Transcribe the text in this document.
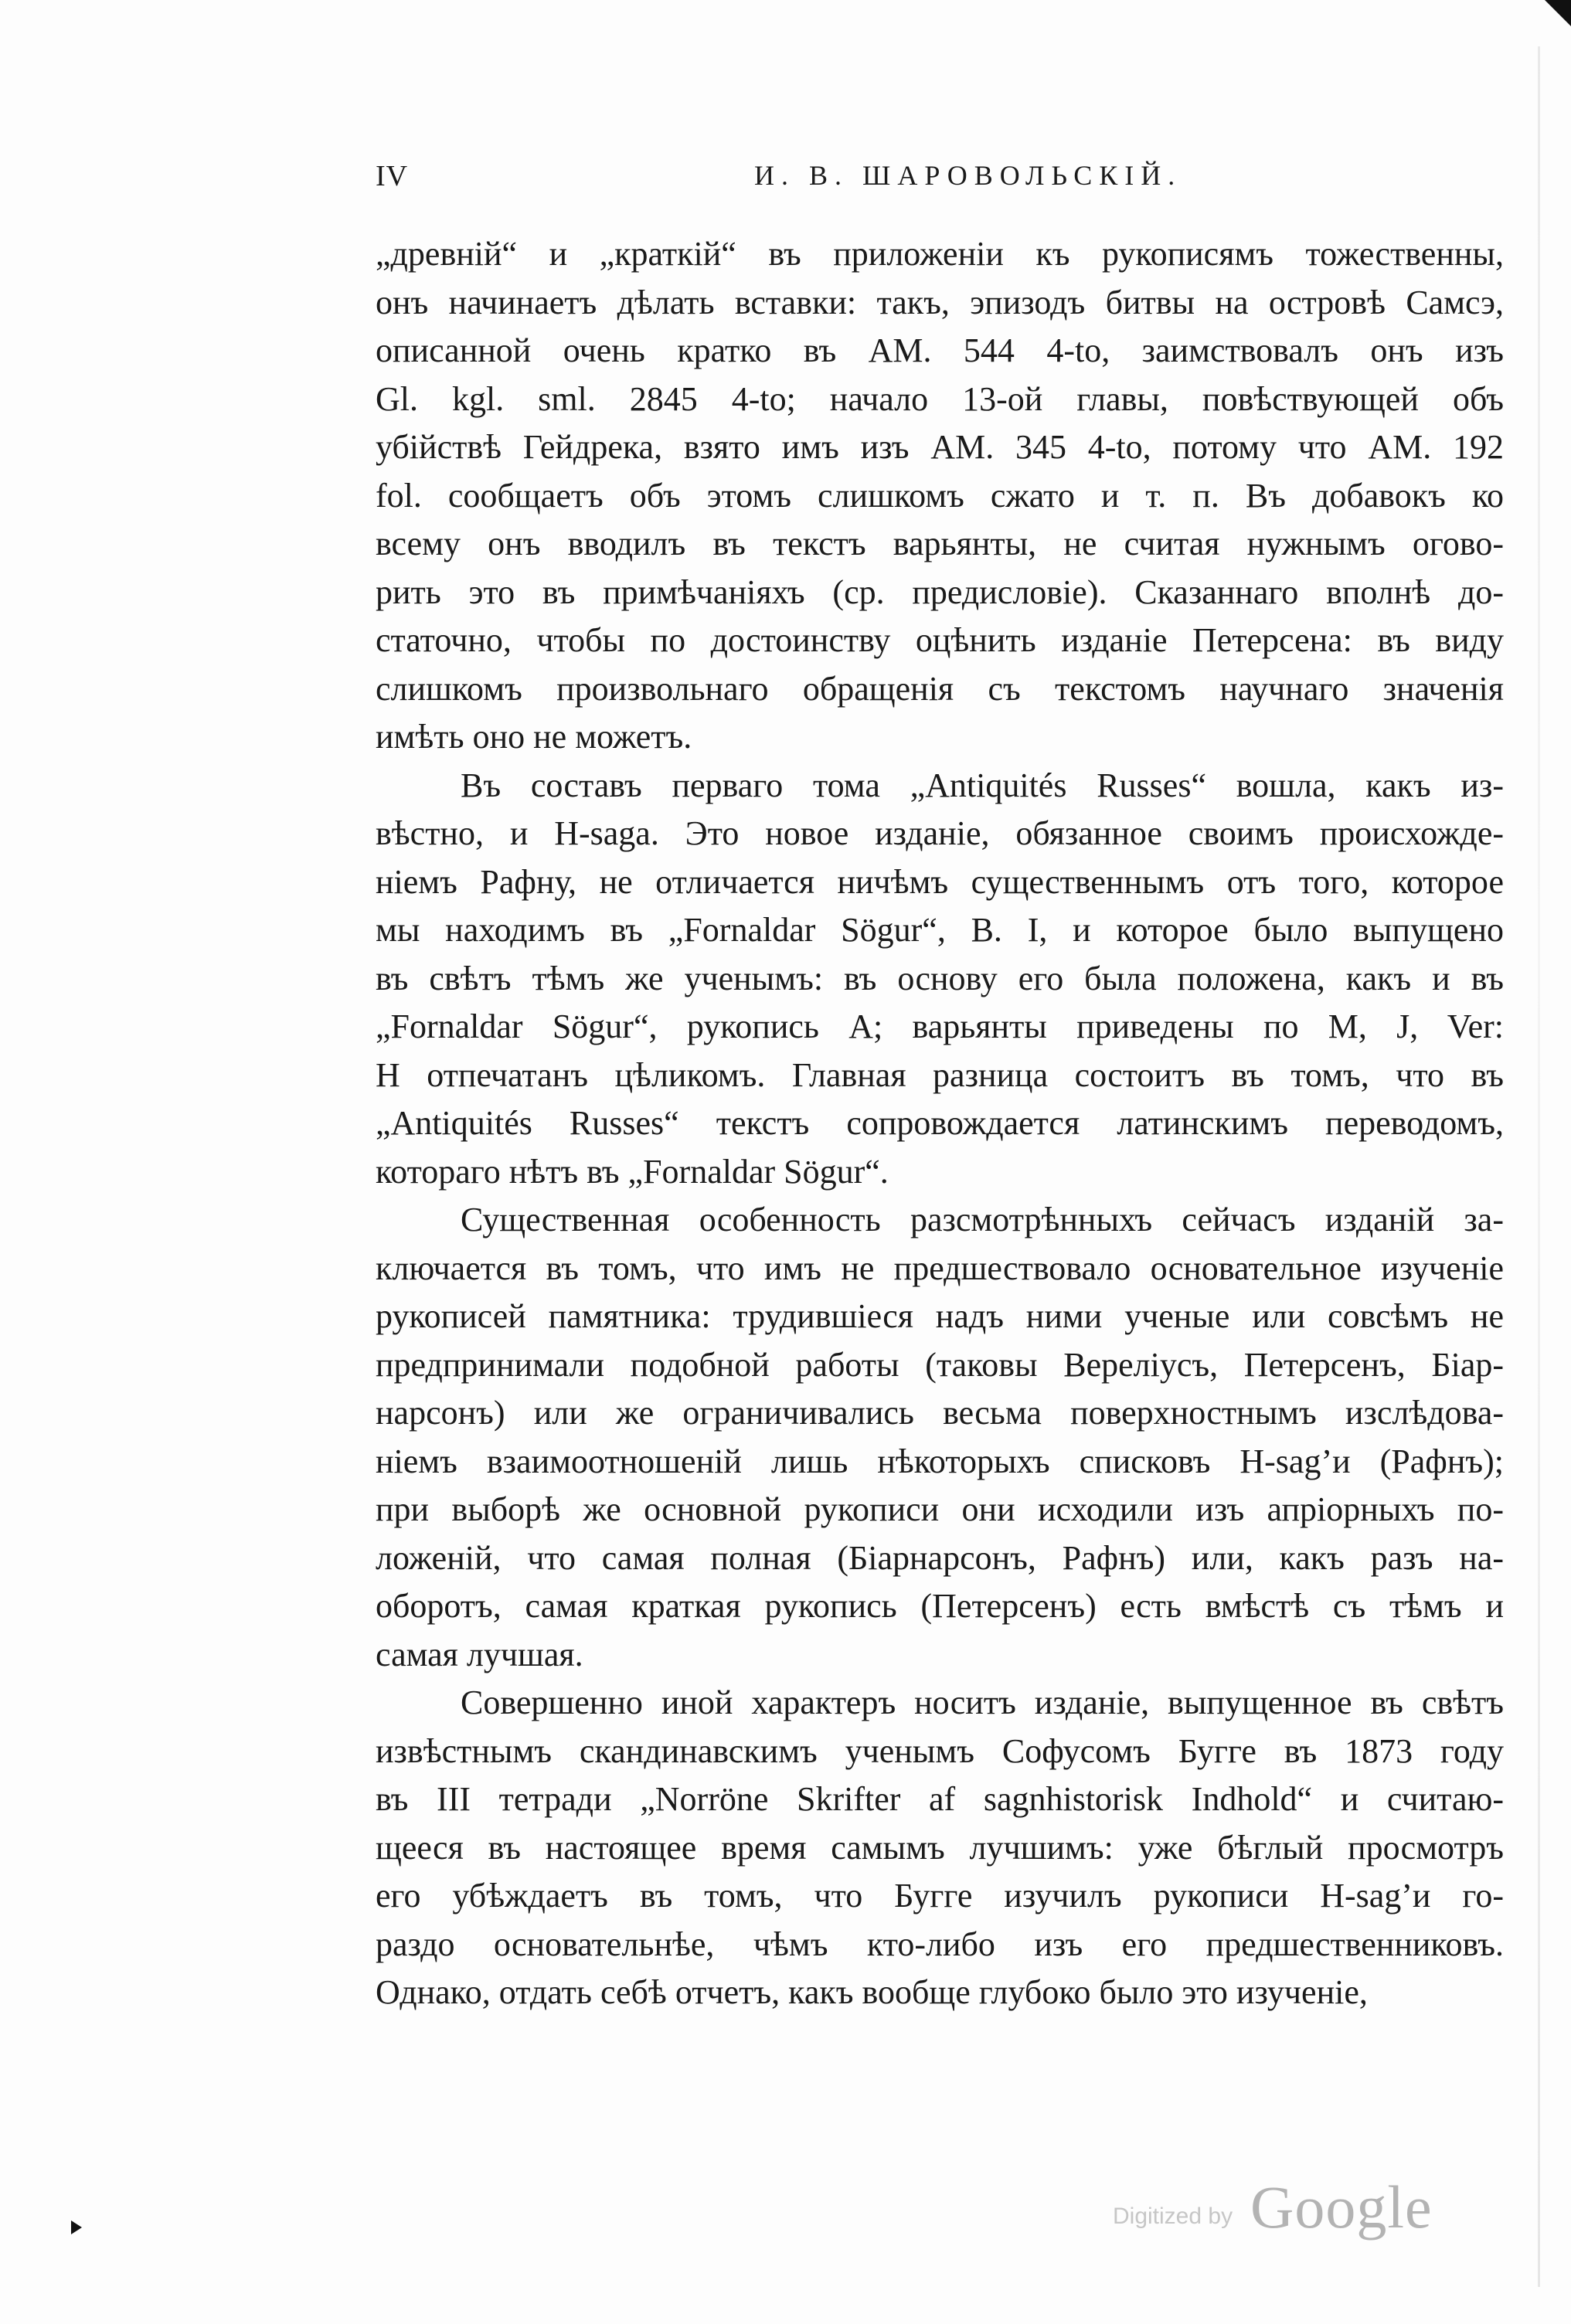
IV	И. В. ШАРОВОЛЬСКIЙ.
„древнiй“ и „краткiй“ въ приложенiи къ рукописямъ тожественны,
онъ начинаетъ дѣлать вставки: такъ, эпизодъ битвы на островѣ Самсэ,
описанной очень кратко въ АМ. 544 4-to, заимствовалъ онъ изъ
Gl. kgl. sml. 2845 4-to; начало 13-ой главы, повѣствующей объ
убiйствѣ Гейдрека, взято имъ изъ АМ. 345 4-to, потому что АМ. 192
fol. сообщаетъ объ этомъ слишкомъ сжато и т. п. Въ добавокъ ко
всему онъ вводилъ въ текстъ варьянты, не считая нужнымъ огово-
рить это въ примѣчанiяхъ (ср. предисловiе). Сказаннаго вполнѣ до-
статочно, чтобы по достоинству оцѣнить изданiе Петерсена: въ виду
слишкомъ произвольнаго обращенiя съ текстомъ научнаго значенiя
имѣть оно не можетъ.
Въ составъ перваго тома „Antiquités Russes“ вошла, какъ из-
вѣстно, и H-saga. Это новое изданiе, обязанное своимъ происхожде-
нiемъ Рафну, не отличается ничѣмъ существеннымъ отъ того, которое
мы находимъ въ „Fornaldar Sögur“, B. I, и которое было выпущено
въ свѣтъ тѣмъ же ученымъ: въ основу его была положена, какъ и въ
„Fornaldar Sögur“, рукопись А; варьянты приведены по M, J, Ver:
H отпечатанъ цѣликомъ. Главная разница состоитъ въ томъ, что въ
„Antiquités Russes“ текстъ сопровождается латинскимъ переводомъ,
котораго нѣтъ въ „Fornaldar Sögur“.
Существенная особенность разсмотрѣнныхъ сейчасъ изданiй за-
ключается въ томъ, что имъ не предшествовало основательное изученiе
рукописей памятника: трудившiеся надъ ними ученые или совсѣмъ не
предпринимали подобной работы (таковы Верелiусъ, Петерсенъ, Бiар-
нарсонъ) или же ограничивались весьма поверхностнымъ изслѣдова-
нiемъ взаимоотношенiй лишь нѣкоторыхъ списковъ H-sag’и (Рафнъ);
при выборѣ же основной рукописи они исходили изъ апрiорныхъ по-
ложенiй, что самая полная (Бiарнарсонъ, Рафнъ) или, какъ разъ на-
оборотъ, самая краткая рукопись (Петерсенъ) есть вмѣстѣ съ тѣмъ и
самая лучшая.
Совершенно иной характеръ носитъ изданiе, выпущенное въ свѣтъ
извѣстнымъ скандинавскимъ ученымъ Софусомъ Бугге въ 1873 году
въ III тетради „Norröne Skrifter af sagnhistorisk Indhold“ и считаю-
щееся въ настоящее время самымъ лучшимъ: уже бѣглый просмотръ
его убѣждаетъ въ томъ, что Бугге изучилъ рукописи H-sag’и го-
раздо основательнѣе, чѣмъ кто-либо изъ его предшественниковъ.
Однако, отдать себѣ отчетъ, какъ вообще глубоко было это изученiе,
Digitized by Google
